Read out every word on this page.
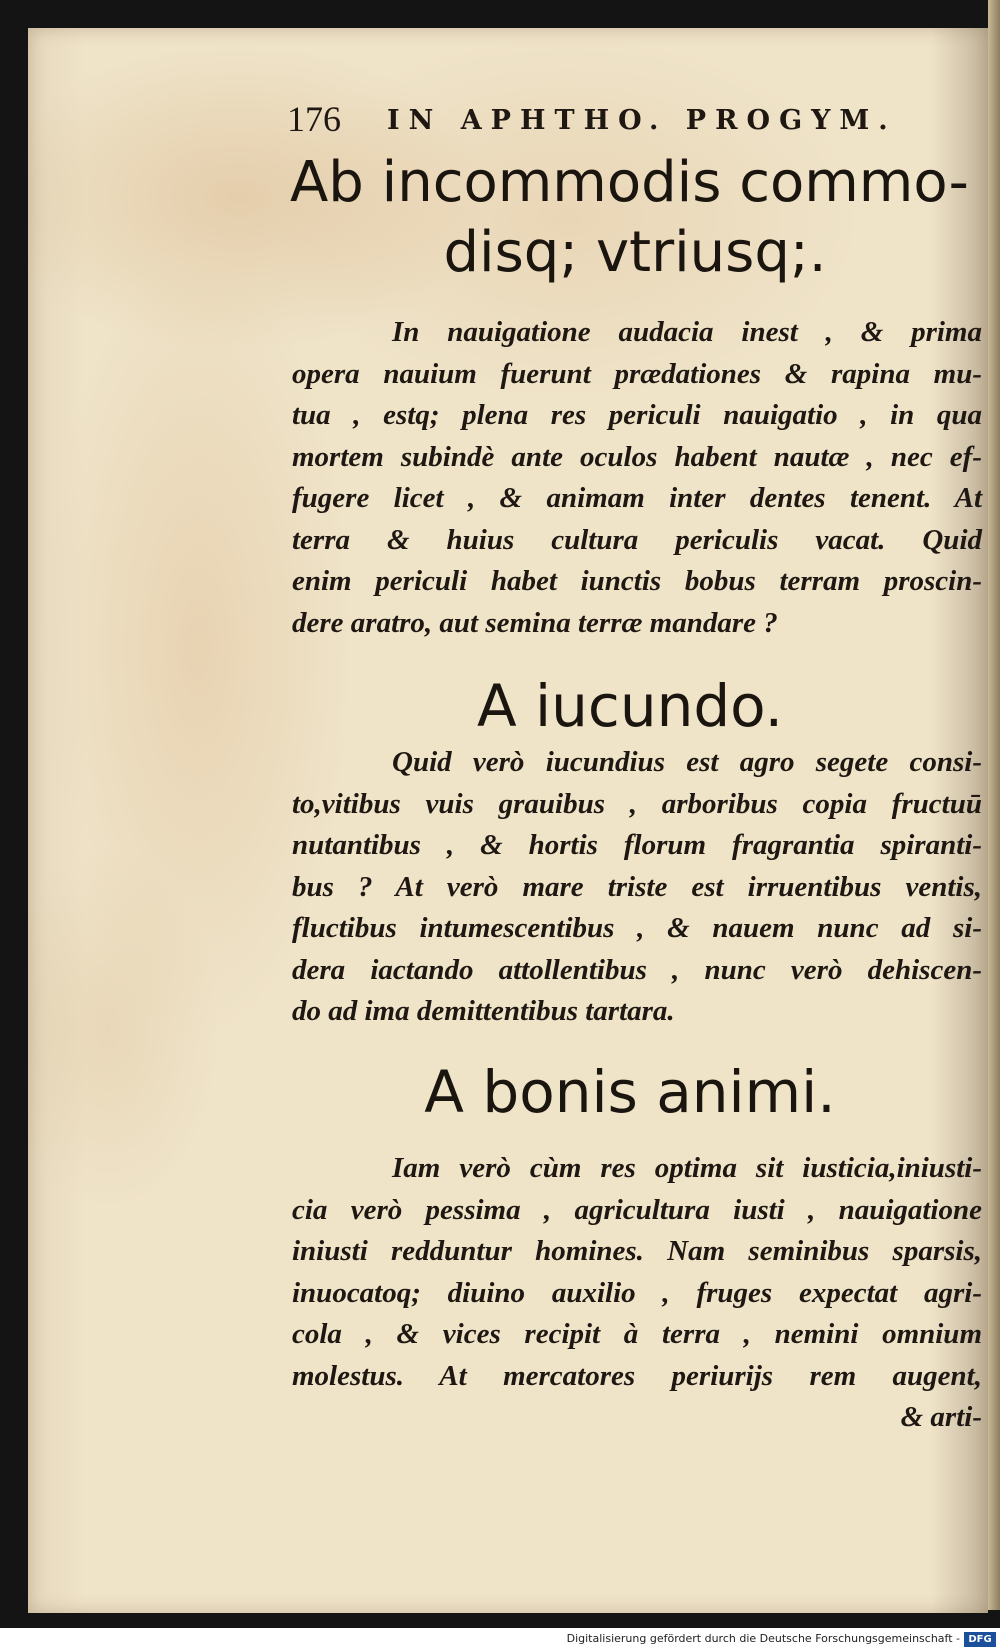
176 IN APHTHO. PROGYM.
Ab incommodis commo-
disq; vtriusq;.
In nauigatione audacia inest , & prima
opera nauium fuerunt prædationes & rapina mu-
tua , estq; plena res periculi nauigatio , in qua
mortem subindè ante oculos habent nautæ , nec ef-
fugere licet , & animam inter dentes tenent. At
terra & huius cultura periculis vacat. Quid
enim periculi habet iunctis bobus terram proscin-
dere aratro, aut semina terræ mandare ?
A iucundo.
Quid verò iucundius est agro segete consi-
to,vitibus vuis grauibus , arboribus copia fructuū
nutantibus , & hortis florum fragrantia spiranti-
bus ? At verò mare triste est irruentibus ventis,
fluctibus intumescentibus , & nauem nunc ad si-
dera iactando attollentibus , nunc verò dehiscen-
do ad ima demittentibus tartara.
A bonis animi.
Iam verò cùm res optima sit iusticia,iniusti-
cia verò pessima , agricultura iusti , nauigatione
iniusti redduntur homines. Nam seminibus sparsis,
inuocatoq; diuino auxilio , fruges expectat agri-
cola , & vices recipit à terra , nemini omnium
molestus. At mercatores periurijs rem augent,
& arti-
Digitalisierung gefördert durch die Deutsche Forschungsgemeinschaft - DFG
